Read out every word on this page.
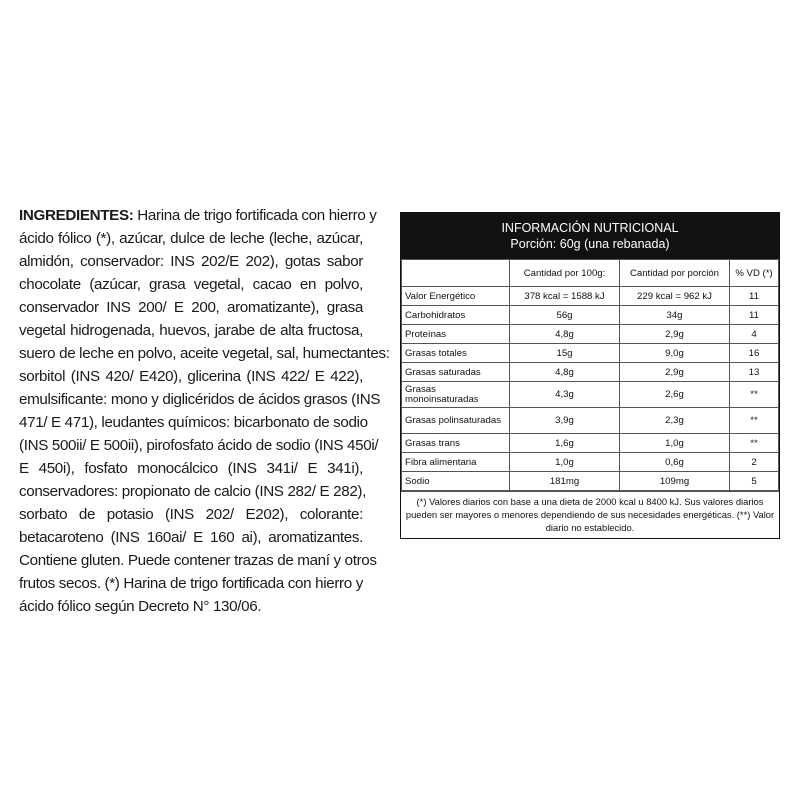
INGREDIENTES: Harina de trigo fortificada con hierro y
ácido fólico (*), azúcar, dulce de leche (leche, azúcar,
almidón, conservador: INS 202/E 202), gotas sabor
chocolate (azúcar, grasa vegetal, cacao en polvo,
conservador INS 200/ E 200, aromatizante), grasa
vegetal hidrogenada, huevos, jarabe de alta fructosa,
suero de leche en polvo, aceite vegetal, sal, humectantes:
sorbitol (INS 420/ E420), glicerina (INS 422/ E 422),
emulsificante: mono y diglicéridos de ácidos grasos (INS
471/ E 471), leudantes químicos: bicarbonato de sodio
(INS 500ii/ E 500ii), pirofosfato ácido de sodio (INS 450i/
E 450i), fosfato monocálcico (INS 341i/ E 341i),
conservadores: propionato de calcio (INS 282/ E 282),
sorbato de potasio (INS 202/ E202), colorante:
betacaroteno (INS 160ai/ E 160 ai), aromatizantes.
Contiene gluten. Puede contener trazas de maní y otros
frutos secos. (*) Harina de trigo fortificada con hierro y
ácido fólico según Decreto N° 130/06.
INFORMACIÓN NUTRICIONAL
Porción: 60g (una rebanada)
	Cantidad por 100g:	Cantidad por porción	% VD (*)
Valor Energético	378 kcal = 1588 kJ	229 kcal = 962 kJ	11
Carbohidratos	56g	34g	11
Proteínas	4,8g	2,9g	4
Grasas totales	15g	9,0g	16
Grasas saturadas	4,8g	2,9g	13
Grasas monoinsaturadas	4,3g	2,6g	**
Grasas polinsaturadas	3,9g	2,3g	**
Grasas trans	1,6g	1,0g	**
Fibra alimentaria	1,0g	0,6g	2
Sodio	181mg	109mg	5
(*) Valores diarios con base a una dieta de 2000 kcal u 8400 kJ. Sus valores diarios pueden ser mayores o menores dependiendo de sus necesidades energéticas. (**) Valor diario no establecido.
